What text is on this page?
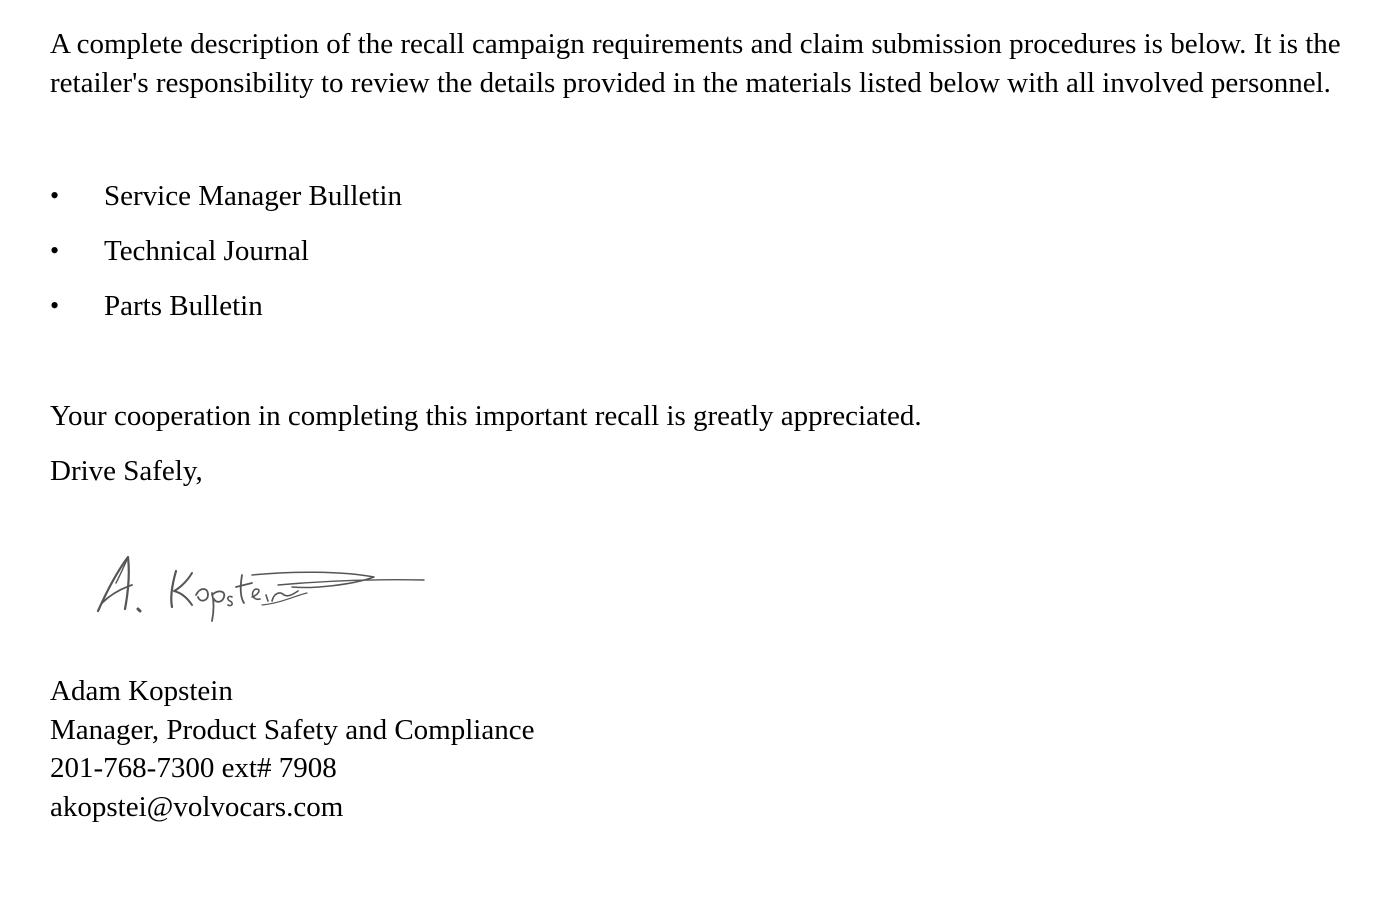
A complete description of the recall campaign requirements and claim submission procedures is below. It is the retailer's responsibility to review the details provided in the materials listed below with all involved personnel.

•	Service Manager Bulletin
•	Technical Journal
•	Parts Bulletin

Your cooperation in completing this important recall is greatly appreciated.

Drive Safely,

Adam Kopstein
Manager, Product Safety and Compliance
201-768-7300 ext# 7908
akopstei@volvocars.com
